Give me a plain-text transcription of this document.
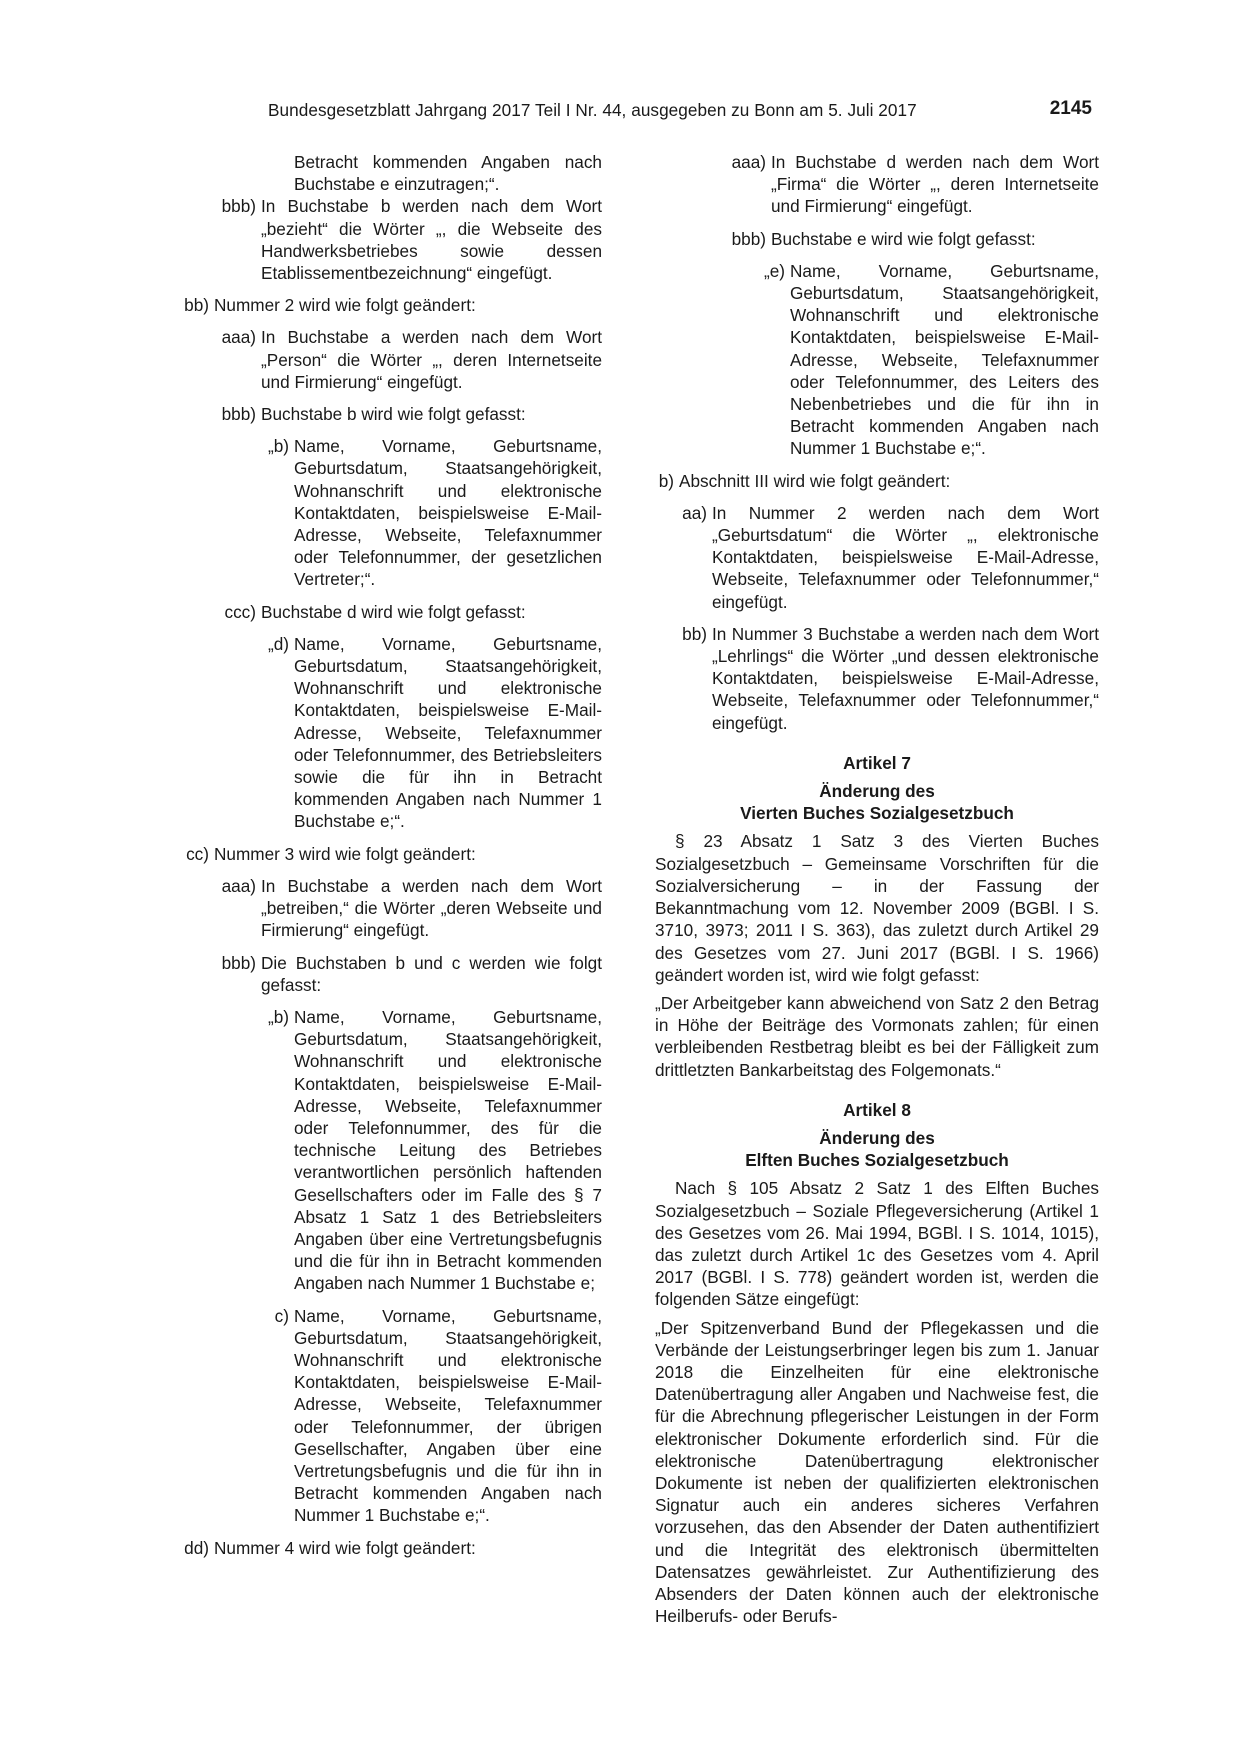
Bundesgesetzblatt Jahrgang 2017 Teil I Nr. 44, ausgegeben zu Bonn am 5. Juli 2017	2145

Betracht kommenden Angaben nach Buchstabe e einzutragen;“.

bbb) In Buchstabe b werden nach dem Wort „bezieht“ die Wörter „, die Webseite des Handwerksbetriebes sowie dessen Etablissementbezeichnung“ eingefügt.
bb) Nummer 2 wird wie folgt geändert:
aaa) In Buchstabe a werden nach dem Wort „Person“ die Wörter „, deren Internetseite und Firmierung“ eingefügt.
bbb) Buchstabe b wird wie folgt gefasst:
„b) Name, Vorname, Geburtsname, Geburtsdatum, Staatsangehörigkeit, Wohnanschrift und elektronische Kontaktdaten, beispielsweise E-Mail-Adresse, Webseite, Telefaxnummer oder Telefonnummer, der gesetzlichen Vertreter;“.
ccc) Buchstabe d wird wie folgt gefasst:
„d) Name, Vorname, Geburtsname, Geburtsdatum, Staatsangehörigkeit, Wohnanschrift und elektronische Kontaktdaten, beispielsweise E-Mail-Adresse, Webseite, Telefaxnummer oder Telefonnummer, des Betriebsleiters sowie die für ihn in Betracht kommenden Angaben nach Nummer 1 Buchstabe e;“.
cc) Nummer 3 wird wie folgt geändert:
aaa) In Buchstabe a werden nach dem Wort „betreiben,“ die Wörter „deren Webseite und Firmierung“ eingefügt.
bbb) Die Buchstaben b und c werden wie folgt gefasst:
„b) Name, Vorname, Geburtsname, Geburtsdatum, Staatsangehörigkeit, Wohnanschrift und elektronische Kontaktdaten, beispielsweise E-Mail-Adresse, Webseite, Telefaxnummer oder Telefonnummer, des für die technische Leitung des Betriebes verantwortlichen persönlich haftenden Gesellschafters oder im Falle des § 7 Absatz 1 Satz 1 des Betriebsleiters Angaben über eine Vertretungsbefugnis und die für ihn in Betracht kommenden Angaben nach Nummer 1 Buchstabe e;
c) Name, Vorname, Geburtsname, Geburtsdatum, Staatsangehörigkeit, Wohnanschrift und elektronische Kontaktdaten, beispielsweise E-Mail-Adresse, Webseite, Telefaxnummer oder Telefonnummer, der übrigen Gesellschafter, Angaben über eine Vertretungsbefugnis und die für ihn in Betracht kommenden Angaben nach Nummer 1 Buchstabe e;“.
dd) Nummer 4 wird wie folgt geändert:
aaa) In Buchstabe d werden nach dem Wort „Firma“ die Wörter „, deren Internetseite und Firmierung“ eingefügt.
bbb) Buchstabe e wird wie folgt gefasst:
„e) Name, Vorname, Geburtsname, Geburtsdatum, Staatsangehörigkeit, Wohnanschrift und elektronische Kontaktdaten, beispielsweise E-Mail-Adresse, Webseite, Telefaxnummer oder Telefonnummer, des Leiters des Nebenbetriebes und die für ihn in Betracht kommenden Angaben nach Nummer 1 Buchstabe e;“.
b) Abschnitt III wird wie folgt geändert:
aa) In Nummer 2 werden nach dem Wort „Geburtsdatum“ die Wörter „, elektronische Kontaktdaten, beispielsweise E-Mail-Adresse, Webseite, Telefaxnummer oder Telefonnummer,“ eingefügt.
bb) In Nummer 3 Buchstabe a werden nach dem Wort „Lehrlings“ die Wörter „und dessen elektronische Kontaktdaten, beispielsweise E-Mail-Adresse, Webseite, Telefaxnummer oder Telefonnummer,“ eingefügt.

Artikel 7

Änderung des

Vierten Buches Sozialgesetzbuch

§ 23 Absatz 1 Satz 3 des Vierten Buches Sozialgesetzbuch – Gemeinsame Vorschriften für die Sozialversicherung – in der Fassung der Bekanntmachung vom 12. November 2009 (BGBl. I S. 3710, 3973; 2011 I S. 363), das zuletzt durch Artikel 29 des Gesetzes vom 27. Juni 2017 (BGBl. I S. 1966) geändert worden ist, wird wie folgt gefasst:

„Der Arbeitgeber kann abweichend von Satz 2 den Betrag in Höhe der Beiträge des Vormonats zahlen; für einen verbleibenden Restbetrag bleibt es bei der Fälligkeit zum drittletzten Bankarbeitstag des Folgemonats.“

Artikel 8

Änderung des

Elften Buches Sozialgesetzbuch

Nach § 105 Absatz 2 Satz 1 des Elften Buches Sozialgesetzbuch – Soziale Pflegeversicherung (Artikel 1 des Gesetzes vom 26. Mai 1994, BGBl. I S. 1014, 1015), das zuletzt durch Artikel 1c des Gesetzes vom 4. April 2017 (BGBl. I S. 778) geändert worden ist, werden die folgenden Sätze eingefügt:

„Der Spitzenverband Bund der Pflegekassen und die Verbände der Leistungserbringer legen bis zum 1. Januar 2018 die Einzelheiten für eine elektronische Datenübertragung aller Angaben und Nachweise fest, die für die Abrechnung pflegerischer Leistungen in der Form elektronischer Dokumente erforderlich sind. Für die elektronische Datenübertragung elektronischer Dokumente ist neben der qualifizierten elektronischen Signatur auch ein anderes sicheres Verfahren vorzusehen, das den Absender der Daten authentifiziert und die Integrität des elektronisch übermittelten Datensatzes gewährleistet. Zur Authentifizierung des Absenders der Daten können auch der elektronische Heilberufs- oder Berufs-
